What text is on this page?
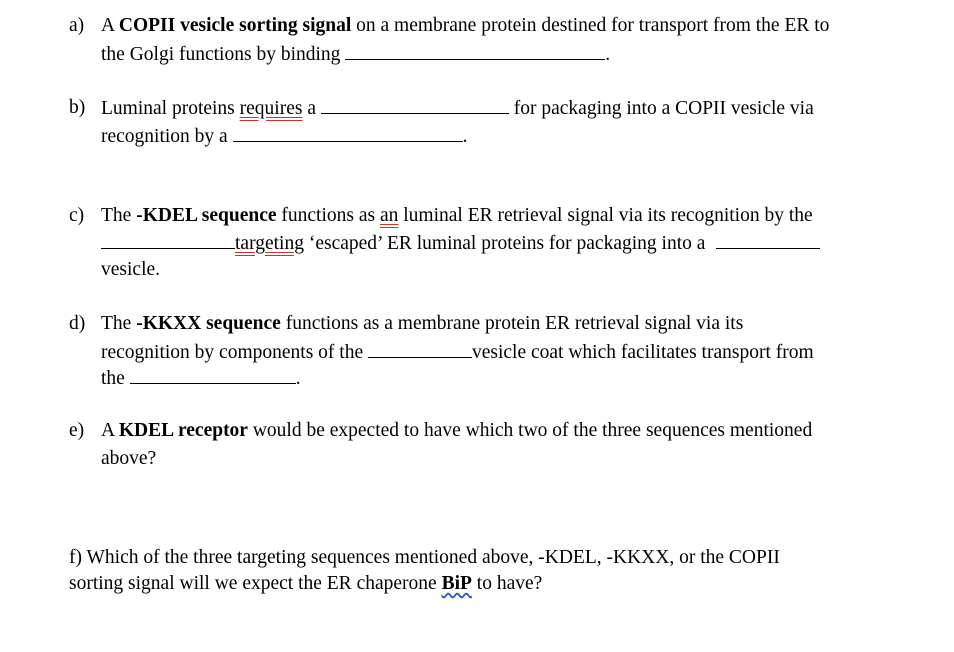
a) A COPII vesicle sorting signal on a membrane protein destined for transport from the ER to
the Golgi functions by binding	.
b) Luminal proteins requires a	for packaging into a COPII vesicle via
recognition by a	.
c) The -KDEL sequence functions as an luminal ER retrieval signal via its recognition by the
targeting ‘escaped’ ER luminal proteins for packaging into a
vesicle.
d) The -KKXX sequence functions as a membrane protein ER retrieval signal via its
recognition by components of the	vesicle coat which facilitates transport from
the	.
e) A KDEL receptor would be expected to have which two of the three sequences mentioned
above?
f) Which of the three targeting sequences mentioned above, -KDEL, -KKXX, or the COPII
sorting signal will we expect the ER chaperone BiP to have?
